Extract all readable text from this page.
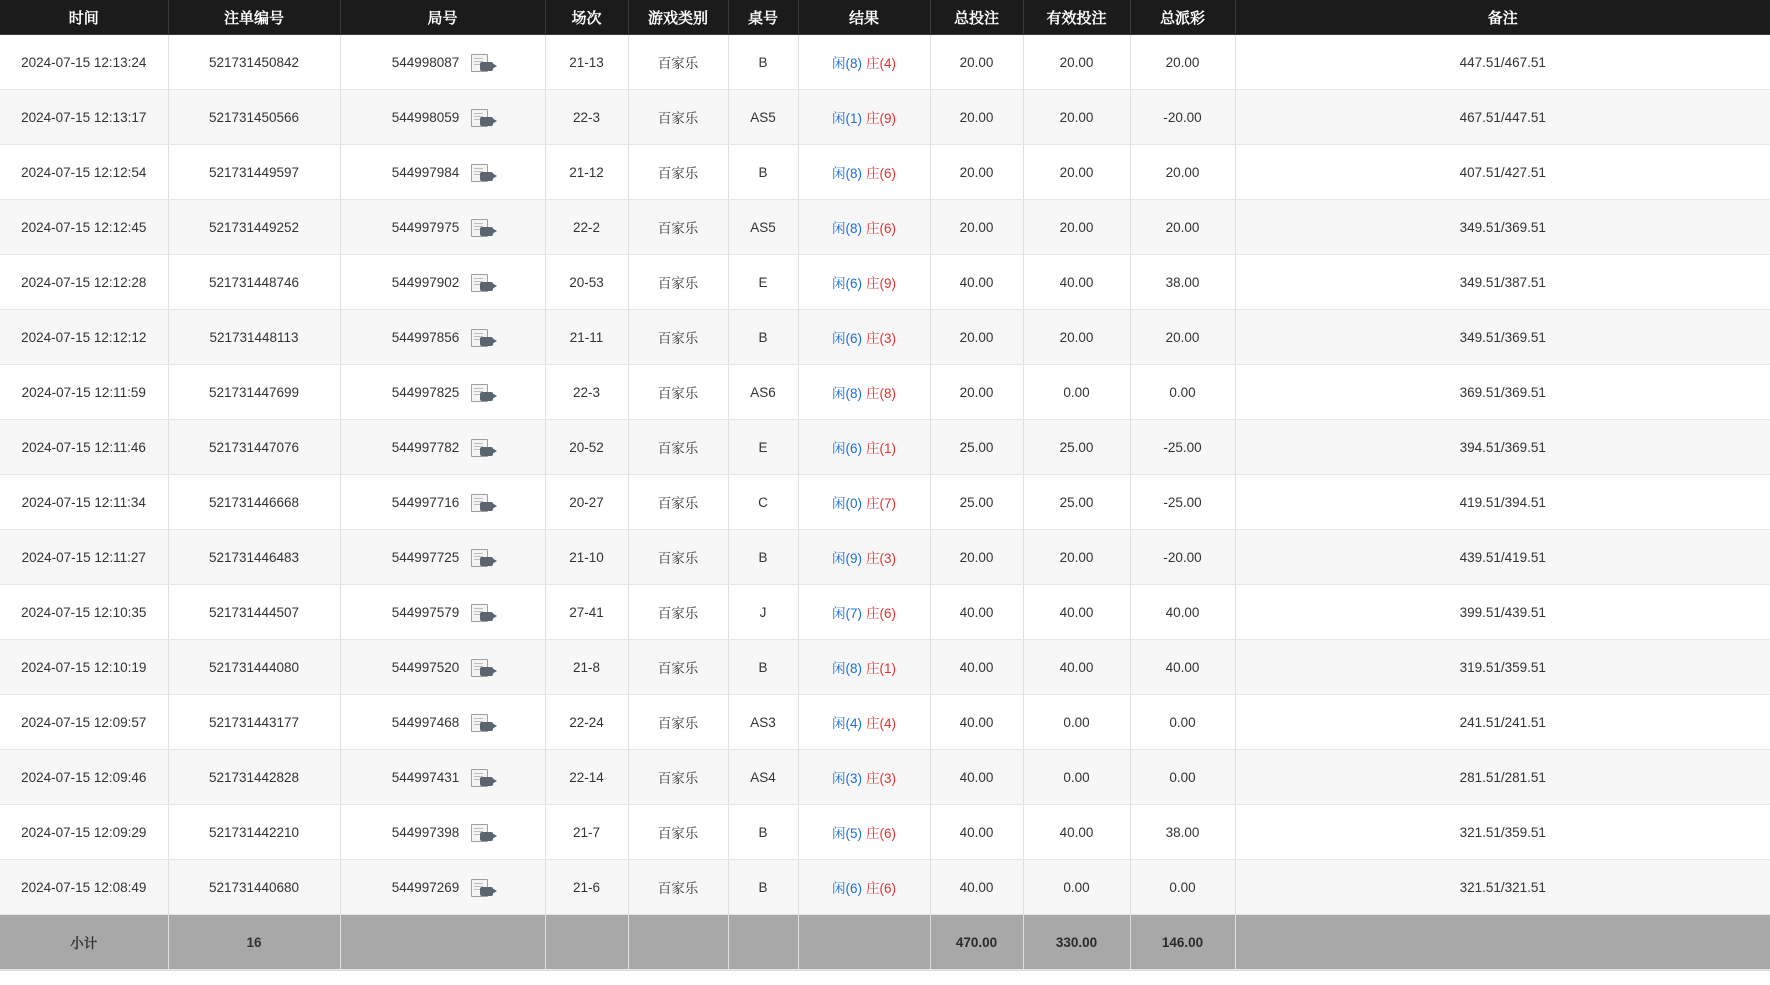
时间	注单编号	局号	场次	游戏类别	桌号	结果	总投注	有效投注	总派彩	备注
2024-07-15 12:13:24	521731450842	544998087	21-13	百家乐	B	闲(8) 庄(4)	20.00	20.00	20.00	447.51/467.51
2024-07-15 12:13:17	521731450566	544998059	22-3	百家乐	AS5	闲(1) 庄(9)	20.00	20.00	-20.00	467.51/447.51
2024-07-15 12:12:54	521731449597	544997984	21-12	百家乐	B	闲(8) 庄(6)	20.00	20.00	20.00	407.51/427.51
2024-07-15 12:12:45	521731449252	544997975	22-2	百家乐	AS5	闲(8) 庄(6)	20.00	20.00	20.00	349.51/369.51
2024-07-15 12:12:28	521731448746	544997902	20-53	百家乐	E	闲(6) 庄(9)	40.00	40.00	38.00	349.51/387.51
2024-07-15 12:12:12	521731448113	544997856	21-11	百家乐	B	闲(6) 庄(3)	20.00	20.00	20.00	349.51/369.51
2024-07-15 12:11:59	521731447699	544997825	22-3	百家乐	AS6	闲(8) 庄(8)	20.00	0.00	0.00	369.51/369.51
2024-07-15 12:11:46	521731447076	544997782	20-52	百家乐	E	闲(6) 庄(1)	25.00	25.00	-25.00	394.51/369.51
2024-07-15 12:11:34	521731446668	544997716	20-27	百家乐	C	闲(0) 庄(7)	25.00	25.00	-25.00	419.51/394.51
2024-07-15 12:11:27	521731446483	544997725	21-10	百家乐	B	闲(9) 庄(3)	20.00	20.00	-20.00	439.51/419.51
2024-07-15 12:10:35	521731444507	544997579	27-41	百家乐	J	闲(7) 庄(6)	40.00	40.00	40.00	399.51/439.51
2024-07-15 12:10:19	521731444080	544997520	21-8	百家乐	B	闲(8) 庄(1)	40.00	40.00	40.00	319.51/359.51
2024-07-15 12:09:57	521731443177	544997468	22-24	百家乐	AS3	闲(4) 庄(4)	40.00	0.00	0.00	241.51/241.51
2024-07-15 12:09:46	521731442828	544997431	22-14	百家乐	AS4	闲(3) 庄(3)	40.00	0.00	0.00	281.51/281.51
2024-07-15 12:09:29	521731442210	544997398	21-7	百家乐	B	闲(5) 庄(6)	40.00	40.00	38.00	321.51/359.51
2024-07-15 12:08:49	521731440680	544997269	21-6	百家乐	B	闲(6) 庄(6)	40.00	0.00	0.00	321.51/321.51
小计	16						470.00	330.00	146.00	
